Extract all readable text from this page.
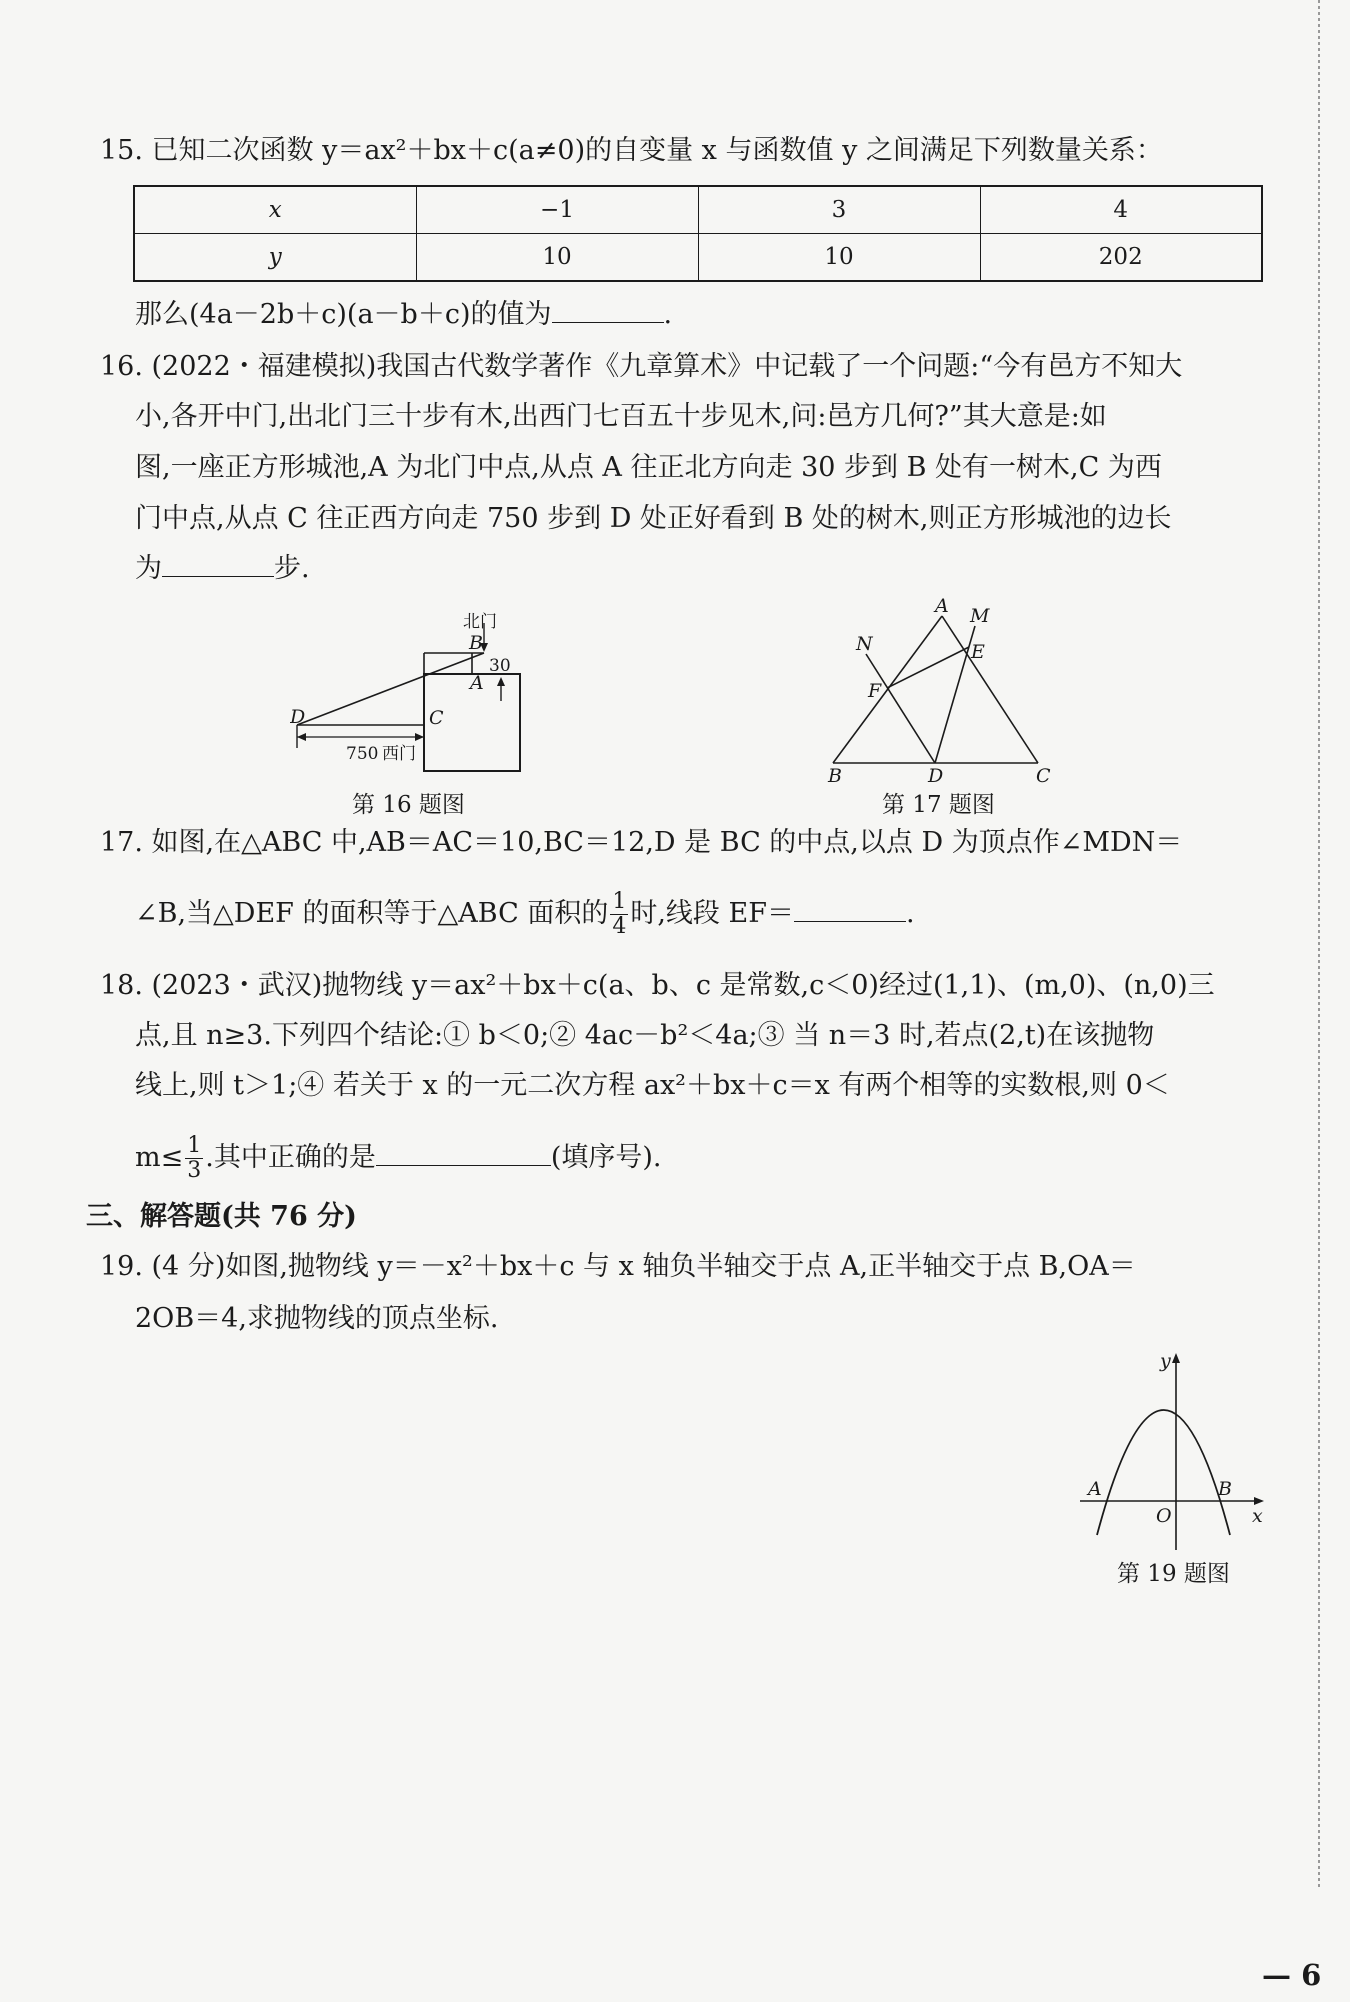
15. 已知二次函数 y＝ax²＋bx＋c(a≠0)的自变量 x 与函数值 y 之间满足下列数量关系：
x	−1	3	4
y	10	10	202
那么(4a－2b＋c)(a－b＋c)的值为	.
16. (2022・福建模拟)我国古代数学著作《九章算术》中记载了一个问题:“今有邑方不知大
小,各开中门,出北门三十步有木,出西门七百五十步见木,问:邑方几何?”其大意是:如
图,一座正方形城池,A 为北门中点,从点 A 往正北方向走 30 步到 B 处有一树木,C 为西
门中点,从点 C 往正西方向走 750 步到 D 处正好看到 B 处的树木,则正方形城池的边长
为	步.
北门
B
30
A
C
D
750 西门
第 16 题图
A M
N	E
F
B	D	C
第 17 题图
17. 如图,在△ABC 中,AB＝AC＝10,BC＝12,D 是 BC 的中点,以点 D 为顶点作∠MDN＝
∠B,当△DEF 的面积等于△ABC 面积的 $\frac{1}{4}$ 时,线段 EF＝	.
18. (2023・武汉)抛物线 y＝ax²＋bx＋c(a、b、c 是常数,c＜0)经过(1,1)、(m,0)、(n,0)三
点,且 n≥3.下列四个结论:① b＜0;② 4ac－b²＜4a;③ 当 n＝3 时,若点(2,t)在该抛物
线上,则 t＞1;④ 若关于 x 的一元二次方程 ax²＋bx＋c＝x 有两个相等的实数根,则 0＜
$m\le \frac{1}{3}$ .其中正确的是	(填序号).
三、解答题(共 76 分)
19. (4 分)如图,抛物线 y＝－x²＋bx＋c 与 x 轴负半轴交于点 A,正半轴交于点 B,OA＝
2OB＝4,求抛物线的顶点坐标.
y
x
O
A	B
第 19 题图
— 6
